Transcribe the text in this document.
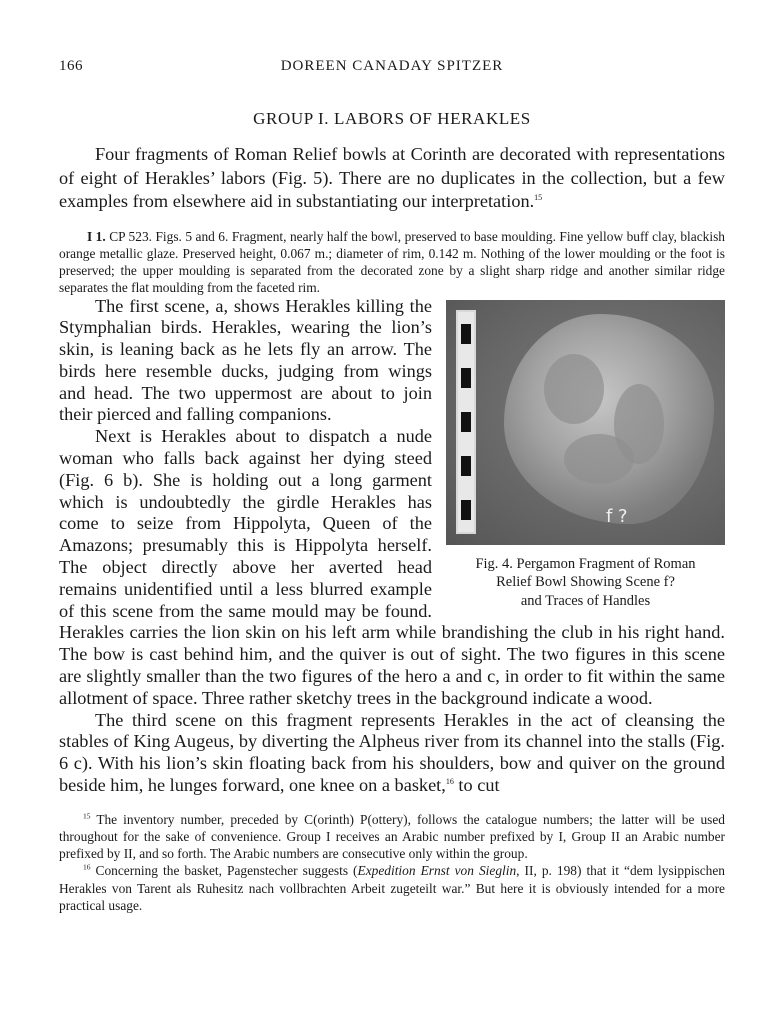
166	DOREEN CANADAY SPITZER
GROUP I. LABORS OF HERAKLES

Four fragments of Roman Relief bowls at Corinth are decorated with representations of eight of Herakles’ labors (Fig. 5). There are no duplicates in the collection, but a few examples from elsewhere aid in substantiating our interpretation.$^{15}$

I 1. CP 523. Figs. 5 and 6. Fragment, nearly half the bowl, preserved to base moulding. Fine yellow buff clay, blackish orange metallic glaze. Preserved height, 0.067 m.; diameter of rim, 0.142 m. Nothing of the lower moulding or the foot is preserved; the upper moulding is separated from the decorated zone by a slight sharp ridge and another similar ridge separates the flat moulding from the faceted rim.

f ?
Fig. 4. Pergamon Fragment of Roman
Relief Bowl Showing Scene f?
and Traces of Handles

The first scene, a, shows Herakles killing the Stymphalian birds. Herakles, wearing the lion’s skin, is leaning back as he lets fly an arrow. The birds here resemble ducks, judging from wings and head. The two uppermost are about to join their pierced and falling companions.

Next is Herakles about to dispatch a nude woman who falls back against her dying steed (Fig. 6 b). She is holding out a long garment which is undoubtedly the girdle Herakles has come to seize from Hippolyta, Queen of the Amazons; presumably this is Hippolyta herself. The object directly above her averted head remains unidentified until a less blurred example of this scene from the same mould may be found. Herakles carries the lion skin on his left arm while brandishing the club in his right hand. The bow is cast behind him, and the quiver is out of sight. The two figures in this scene are slightly smaller than the two figures of the hero a and c, in order to fit within the same allotment of space. Three rather sketchy trees in the background indicate a wood.

The third scene on this fragment represents Herakles in the act of cleansing the stables of King Augeus, by diverting the Alpheus river from its channel into the stalls (Fig. 6 c). With his lion’s skin floating back from his shoulders, bow and quiver on the ground beside him, he lunges forward, one knee on a basket,$^{16}$ to cut

$^{15}$ The inventory number, preceded by C(orinth) P(ottery), follows the catalogue numbers; the latter will be used throughout for the sake of convenience. Group I receives an Arabic number prefixed by I, Group II an Arabic number prefixed by II, and so forth. The Arabic numbers are consecutive only within the group.

$^{16}$ Concerning the basket, Pagenstecher suggests (Expedition Ernst von Sieglin, II, p. 198) that it “dem lysippischen Herakles von Tarent als Ruhesitz nach vollbrachten Arbeit zugeteilt war.” But here it is obviously intended for a more practical usage.
